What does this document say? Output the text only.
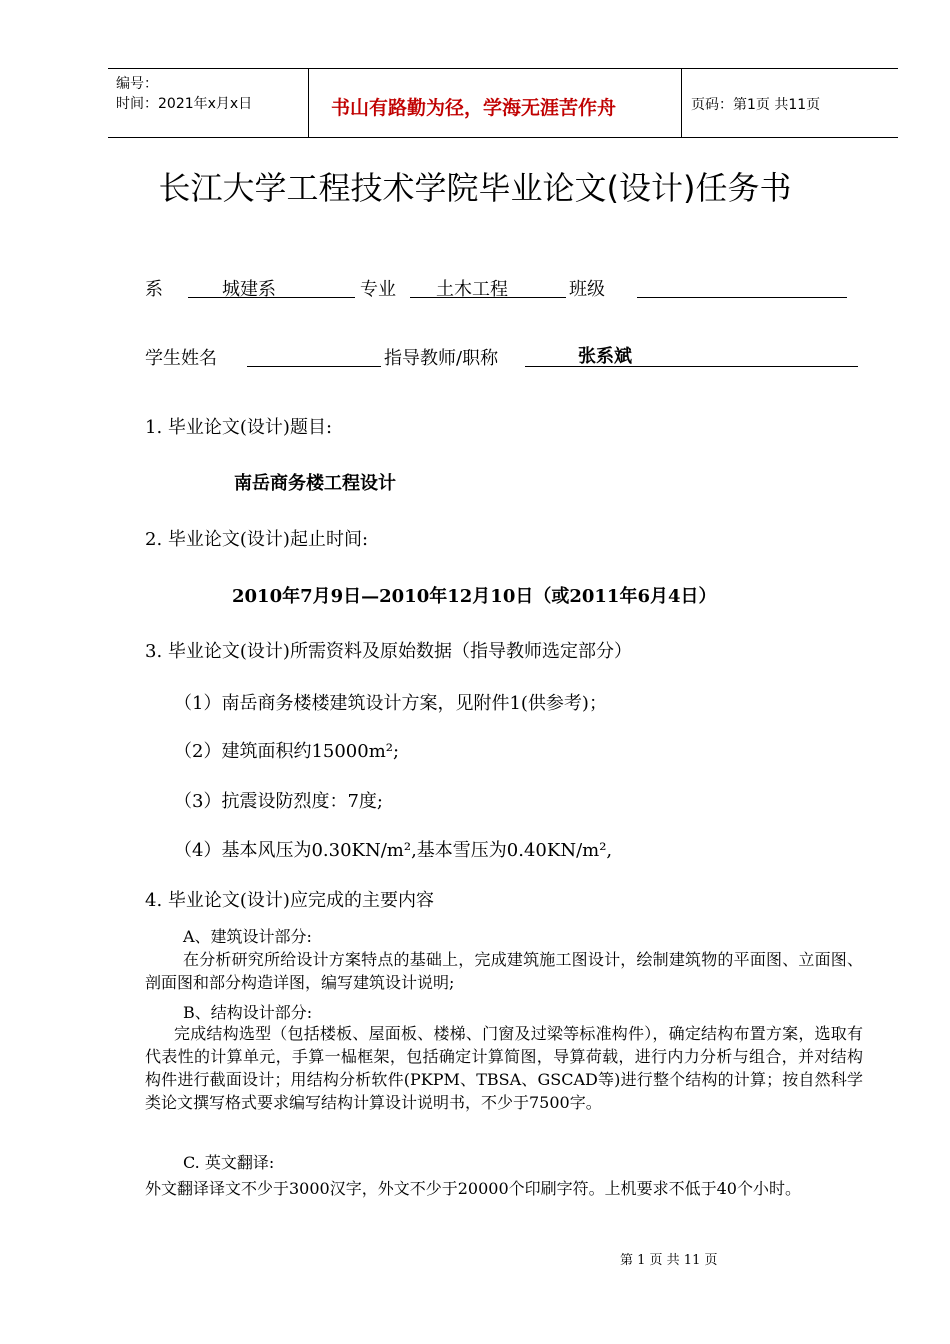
编号：
时间：2021年x月x日	书山有路勤为径，学海无涯苦作舟	页码：第1页 共11页
长江大学工程技术学院毕业论文(设计)任务书
系	城建系	专业 土木工程	班级
学生姓名	指导教师/职称	张系斌
1. 毕业论文(设计)题目:
南岳商务楼工程设计
2. 毕业论文(设计)起止时间:
2010年7月9日—2010年12月10日（或2011年6月4日）
3. 毕业论文(设计)所需资料及原始数据（指导教师选定部分）
（1）南岳商务楼楼建筑设计方案，见附件1(供参考)；
（2）建筑面积约15000m²;
（3）抗震设防烈度：7度;
（4）基本风压为0.30KN/m²,基本雪压为0.40KN/m²,
4. 毕业论文(设计)应完成的主要内容
A、建筑设计部分:
在分析研究所给设计方案特点的基础上，完成建筑施工图设计，绘制建筑物的平面图、立面图、剖面图和部分构造详图，编写建筑设计说明;
B、结构设计部分:
完成结构选型（包括楼板、屋面板、楼梯、门窗及过梁等标准构件），确定结构布置方案，选取有代表性的计算单元，手算一榀框架，包括确定计算简图，导算荷载，进行内力分析与组合，并对结构构件进行截面设计；用结构分析软件(PKPM、TBSA、GSCAD等)进行整个结构的计算；按自然科学类论文撰写格式要求编写结构计算设计说明书，不少于7500字。
C. 英文翻译:
外文翻译译文不少于3000汉字，外文不少于20000个印刷字符。上机要求不低于40个小时。
第 1 页 共 11 页
